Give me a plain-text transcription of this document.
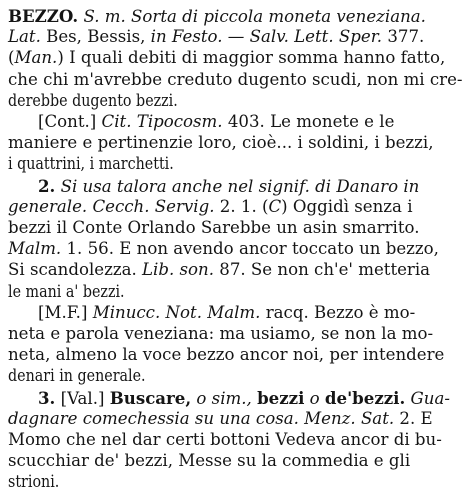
BEZZO. S. m. Sorta di piccola moneta veneziana.
Lat. Bes, Bessis, in Festo. — Salv. Lett. Sper. 377.
(Man.) I quali debiti di maggior somma hanno fatto,
che chi m'avrebbe creduto dugento scudi, non mi cre-
derebbe dugento bezzi.
[Cont.] Cit. Tipocosm. 403. Le monete e le
maniere e pertinenzie loro, cioè... i soldini, i bezzi,
i quattrini, i marchetti.
2. Si usa talora anche nel signif. di Danaro in
generale. Cecch. Servig. 2. 1. (C) Oggidì senza i
bezzi il Conte Orlando Sarebbe un asin smarrito.
Malm. 1. 56. E non avendo ancor toccato un bezzo,
Si scandolezza. Lib. son. 87. Se non ch'e' metteria
le mani a' bezzi.
[M.F.] Minucc. Not. Malm. racq. Bezzo è mo-
neta e parola veneziana: ma usiamo, se non la mo-
neta, almeno la voce bezzo ancor noi, per intendere
denari in generale.
3. [Val.] Buscare, o sim., bezzi o de'bezzi. Gua-
dagnare comechessia su una cosa. Menz. Sat. 2. E
Momo che nel dar certi bottoni Vedeva ancor di bu-
scucchiar de' bezzi, Messe su la commedia e gli
strioni.
